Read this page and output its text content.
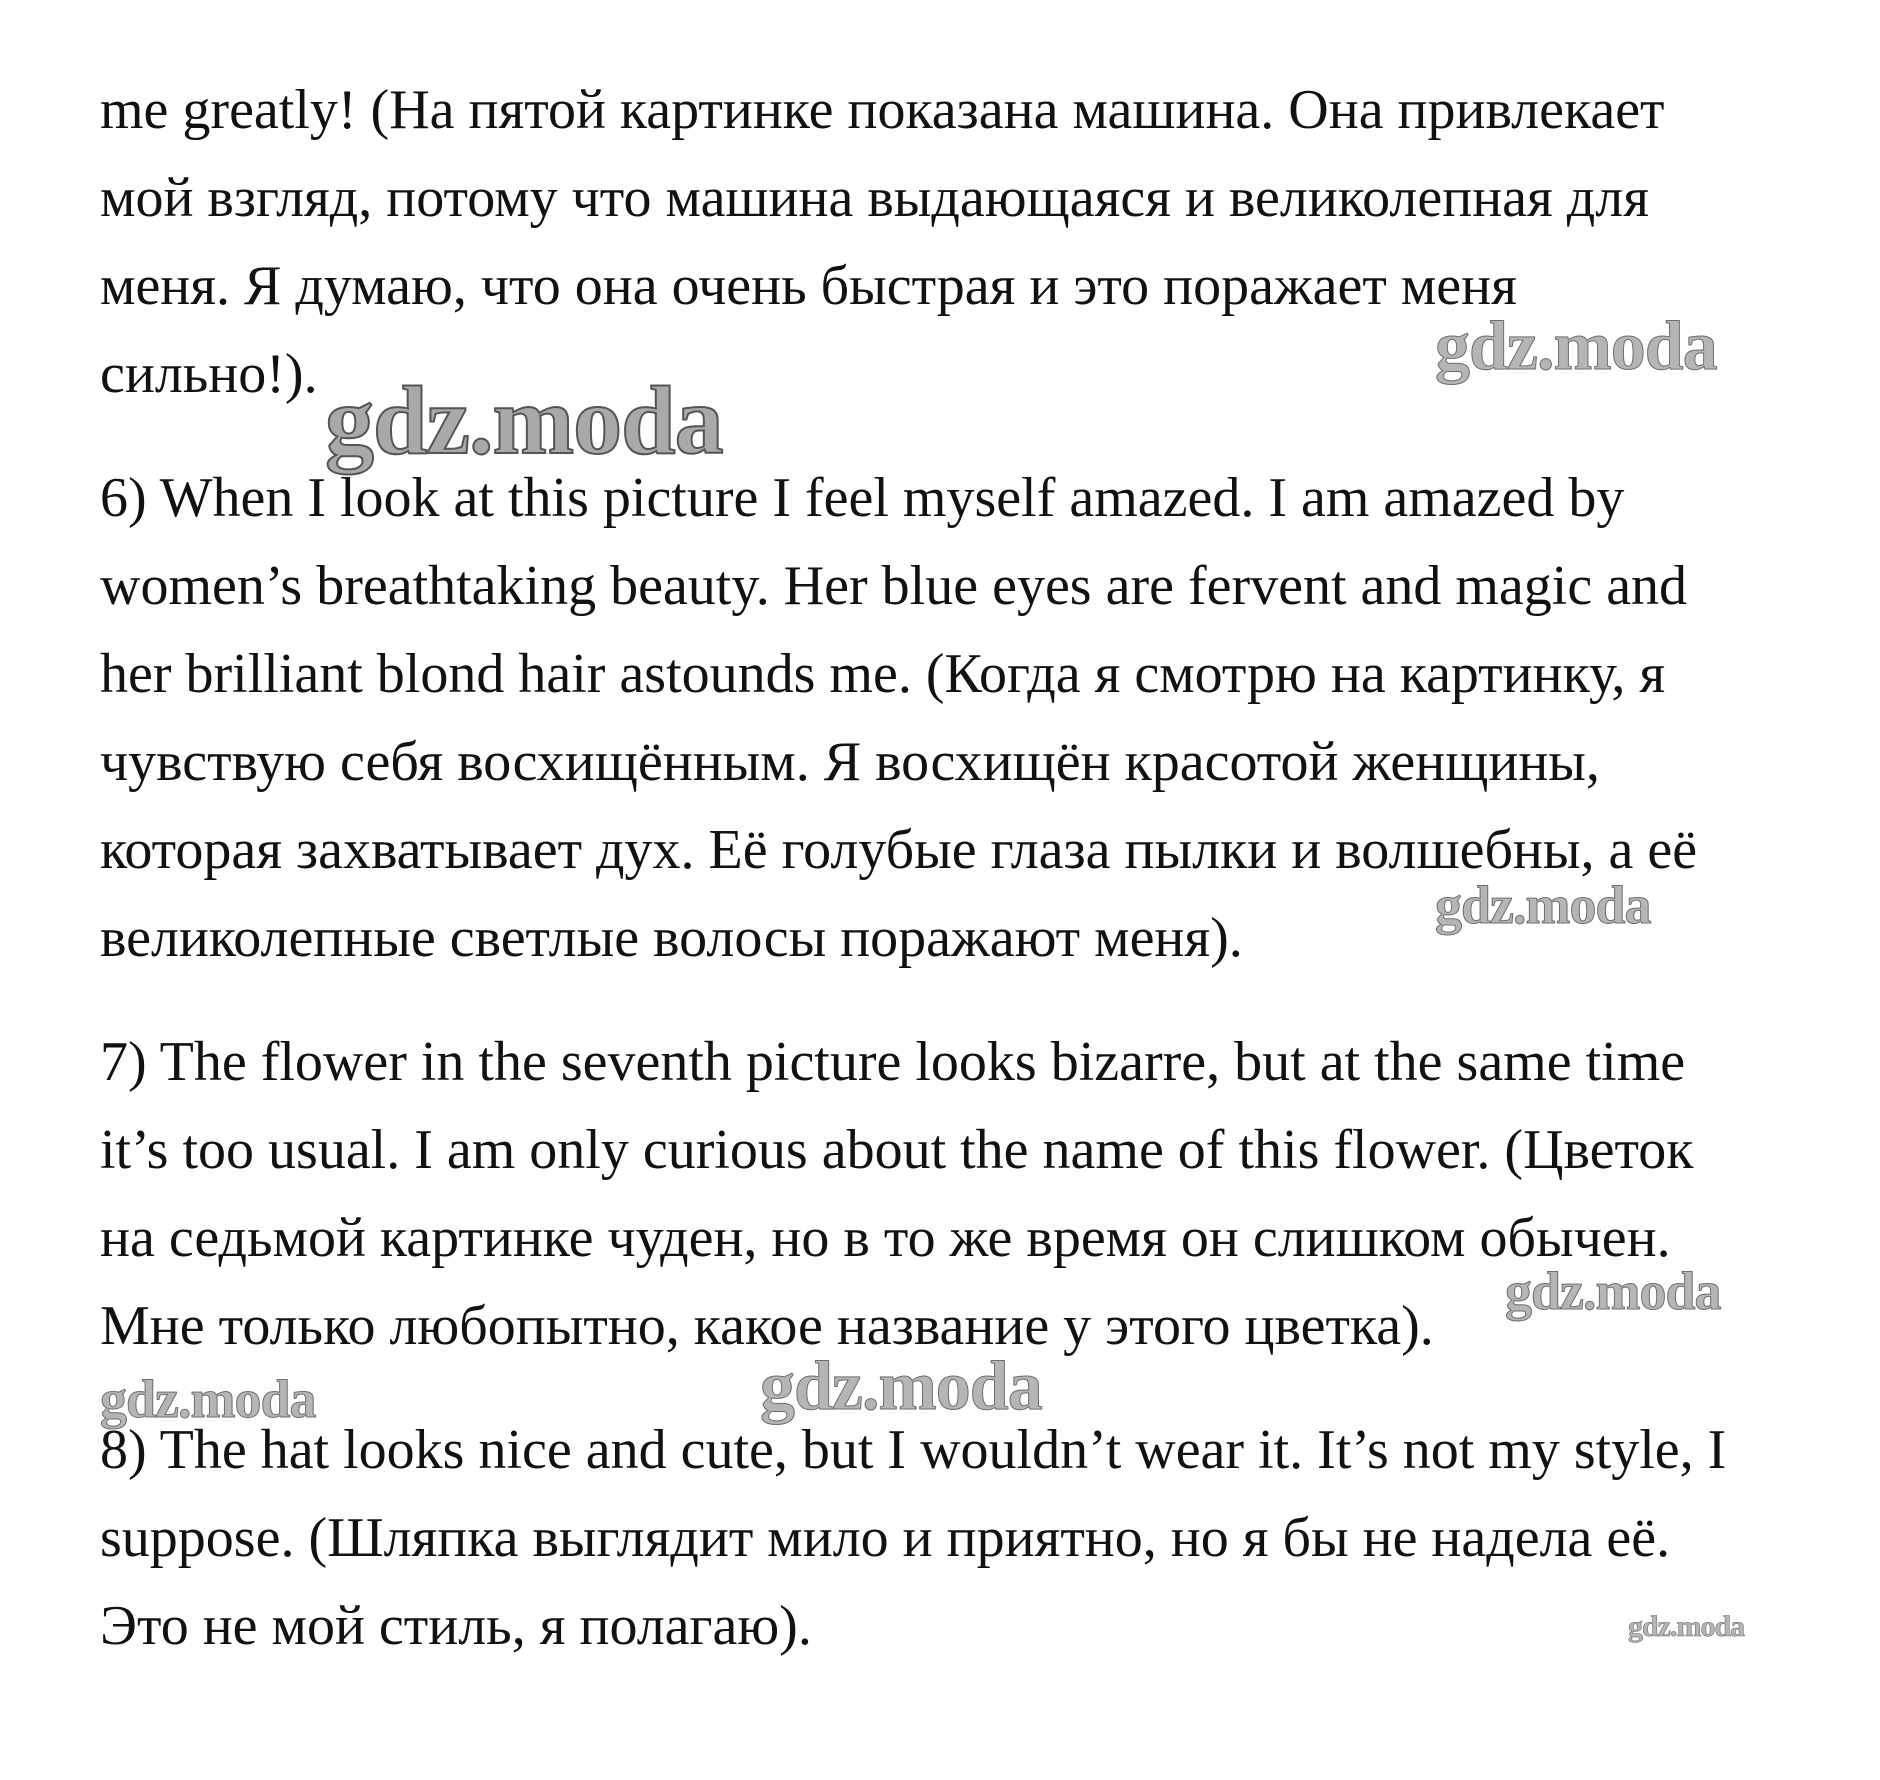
me greatly! (На пятой картинке показана машина. Она привлекает

мой взгляд, потому что машина выдающаяся и великолепная для

меня. Я думаю, что она очень быстрая и это поражает меня

сильно!).

6) When I look at this picture I feel myself amazed. I am amazed by

women’s breathtaking beauty. Her blue eyes are fervent and magic and

her brilliant blond hair astounds me. (Когда я смотрю на картинку, я

чувствую себя восхищённым. Я восхищён красотой женщины,

которая захватывает дух. Её голубые глаза пылки и волшебны, а её

великолепные светлые волосы поражают меня).

7) The flower in the seventh picture looks bizarre, but at the same time

it’s too usual. I am only curious about the name of this flower. (Цветок

на седьмой картинке чуден, но в то же время он слишком обычен.

Мне только любопытно, какое название у этого цветка).

8) The hat looks nice and cute, but I wouldn’t wear it. It’s not my style, I

suppose. (Шляпка выглядит мило и приятно, но я бы не надела её.

Это не мой стиль, я полагаю).

gdz.moda
gdz.moda
gdz.moda
gdz.moda
gdz.moda
gdz.moda
gdz.moda
